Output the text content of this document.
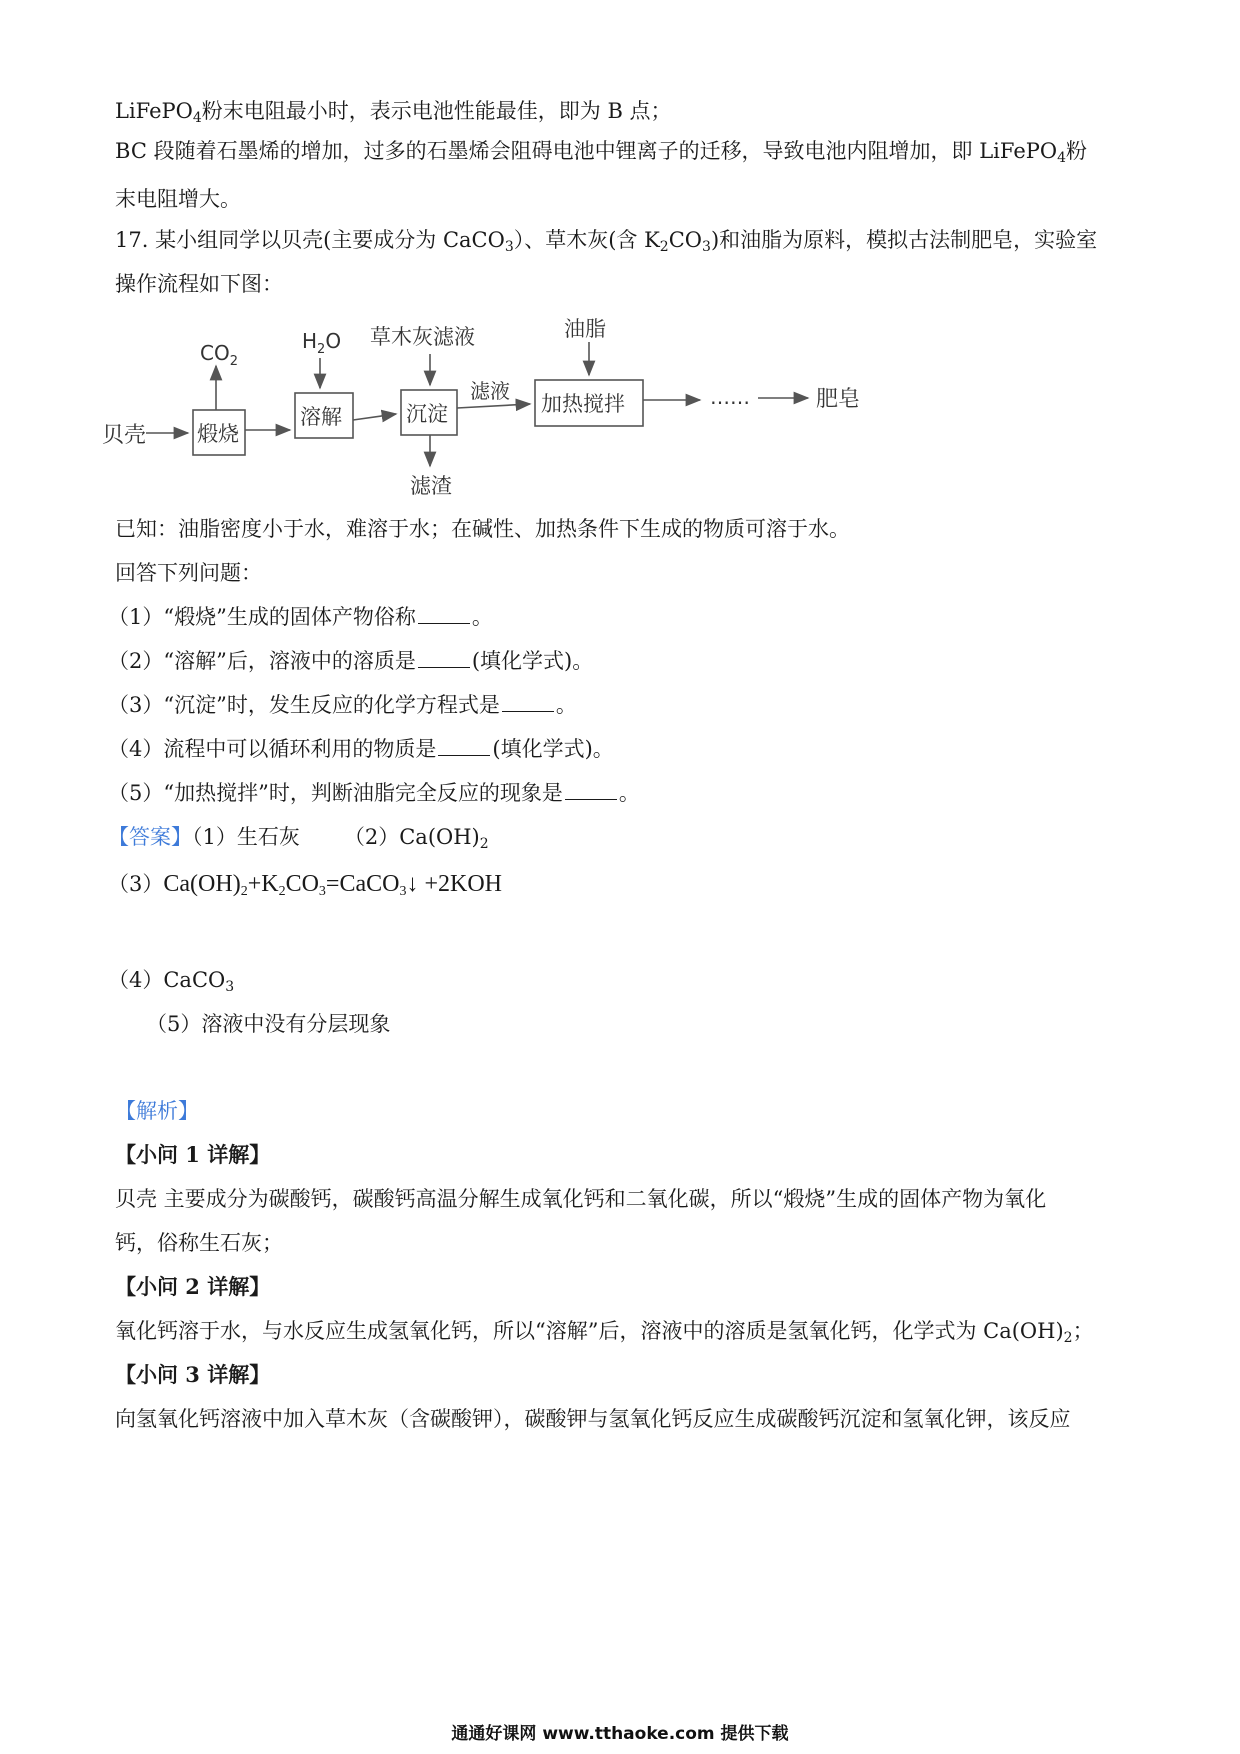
LiFePO$_4$粉末电阻最小时，表示电池性能最佳，即为 B 点；
BC 段随着石墨烯的增加，过多的石墨烯会阻碍电池中锂离子的迁移，导致电池内阻增加，即 LiFePO$_4$粉
末电阻增大。
17. 某小组同学以贝壳(主要成分为 CaCO$_3$）、草木灰(含 $K_2CO_3$)和油脂为原料，模拟古法制肥皂，实验室
操作流程如下图：
贝壳 煅烧
溶解	沉淀	加热搅拌
$CO_2$
$H_2O$ 草木灰滤液	油脂
滤液
滤渣
……	肥皂
已知：油脂密度小于水，难溶于水；在碱性、加热条件下生成的物质可溶于水。
回答下列问题：
（1）“煅烧”生成的固体产物俗称	。
（2）“溶解”后，溶液中的溶质是	(填化学式)。
（3）“沉淀”时，发生反应的化学方程式是	。
（4）流程中可以循环利用的物质是	(填化学式)。
（5）“加热搅拌”时，判断油脂完全反应的现象是	。
【答案】（1）生石灰 $(2)Ca(OH)_2$
$(3)Ca(OH)_2+K_2CO_3=CaCO_3↓ +2KOH$
（4）CaCO$_3$
（5）溶液中没有分层现象
【解析】
【小问 1 详解】
贝壳 主要成分为碳酸钙，碳酸钙高温分解生成氧化钙和二氧化碳，所以“煅烧”生成的固体产物为氧化
钙，俗称生石灰；
【小问 2 详解】
氧化钙溶于水，与水反应生成氢氧化钙，所以“溶解”后，溶液中的溶质是氢氧化钙，化学式为 $Ca(OH)_2$；
【小问 3 详解】
向氢氧化钙溶液中加入草木灰（含碳酸钾），碳酸钾与氢氧化钙反应生成碳酸钙沉淀和氢氧化钾，该反应
通通好课网 www.tthaoke.com 提供下载
